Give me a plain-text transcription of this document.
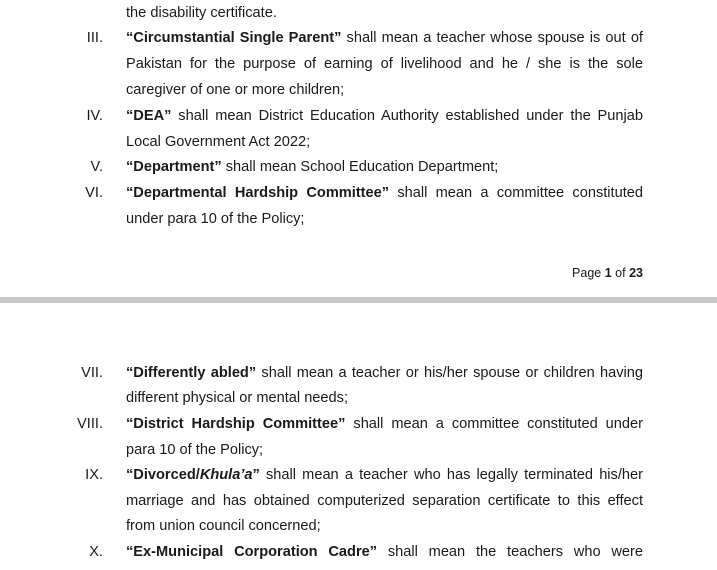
the disability certificate.
III. “Circumstantial Single Parent” shall mean a teacher whose spouse is out of
Pakistan for the purpose of earning of livelihood and he / she is the sole
caregiver of one or more children;
IV. “DEA” shall mean District Education Authority established under the Punjab
Local Government Act 2022;
V. “Department” shall mean School Education Department;
VI. “Departmental Hardship Committee” shall mean a committee constituted
under para 10 of the Policy;
Page 1 of 23
VII. “Differently abled” shall mean a teacher or his/her spouse or children having
different physical or mental needs;
VIII. “District Hardship Committee” shall mean a committee constituted under
para 10 of the Policy;
IX. “Divorced/Khula’a” shall mean a teacher who has legally terminated his/her
marriage and has obtained computerized separation certificate to this effect
from union council concerned;
X. “Ex-Municipal Corporation Cadre” shall mean the teachers who were
